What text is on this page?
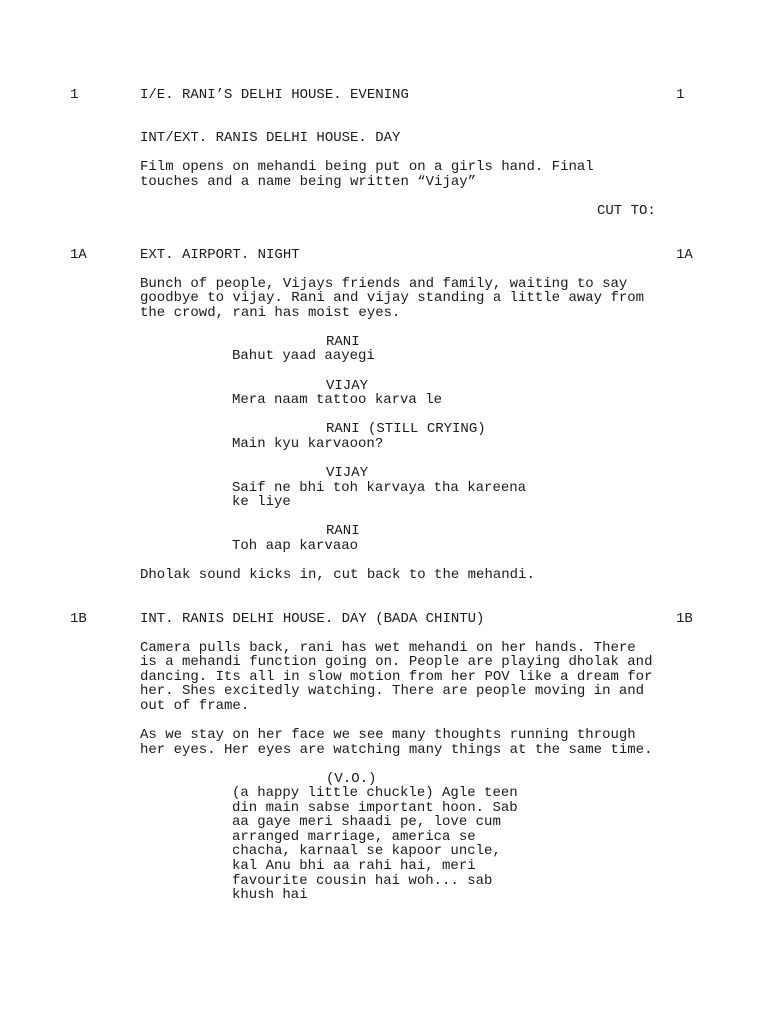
1	I/E. RANI’S DELHI HOUSE. EVENING	1
INT/EXT. RANIS DELHI HOUSE. DAY
Film opens on mehandi being put on a girls hand. Final
touches and a name being written “Vijay”
CUT TO:
1A	EXT. AIRPORT. NIGHT	1A
Bunch of people, Vijays friends and family, waiting to say
goodbye to vijay. Rani and vijay standing a little away from
the crowd, rani has moist eyes.
RANI
Bahut yaad aayegi
VIJAY
Mera naam tattoo karva le
RANI (STILL CRYING)
Main kyu karvaoon?
VIJAY
Saif ne bhi toh karvaya tha kareena
ke liye
RANI
Toh aap karvaao
Dholak sound kicks in, cut back to the mehandi.
1B	INT. RANIS DELHI HOUSE. DAY (BADA CHINTU)	1B
Camera pulls back, rani has wet mehandi on her hands. There
is a mehandi function going on. People are playing dholak and
dancing. Its all in slow motion from her POV like a dream for
her. Shes excitedly watching. There are people moving in and
out of frame.
As we stay on her face we see many thoughts running through
her eyes. Her eyes are watching many things at the same time.
(V.O.)
(a happy little chuckle) Agle teen
din main sabse important hoon. Sab
aa gaye meri shaadi pe, love cum
arranged marriage, america se
chacha, karnaal se kapoor uncle,
kal Anu bhi aa rahi hai, meri
favourite cousin hai woh... sab
khush hai
